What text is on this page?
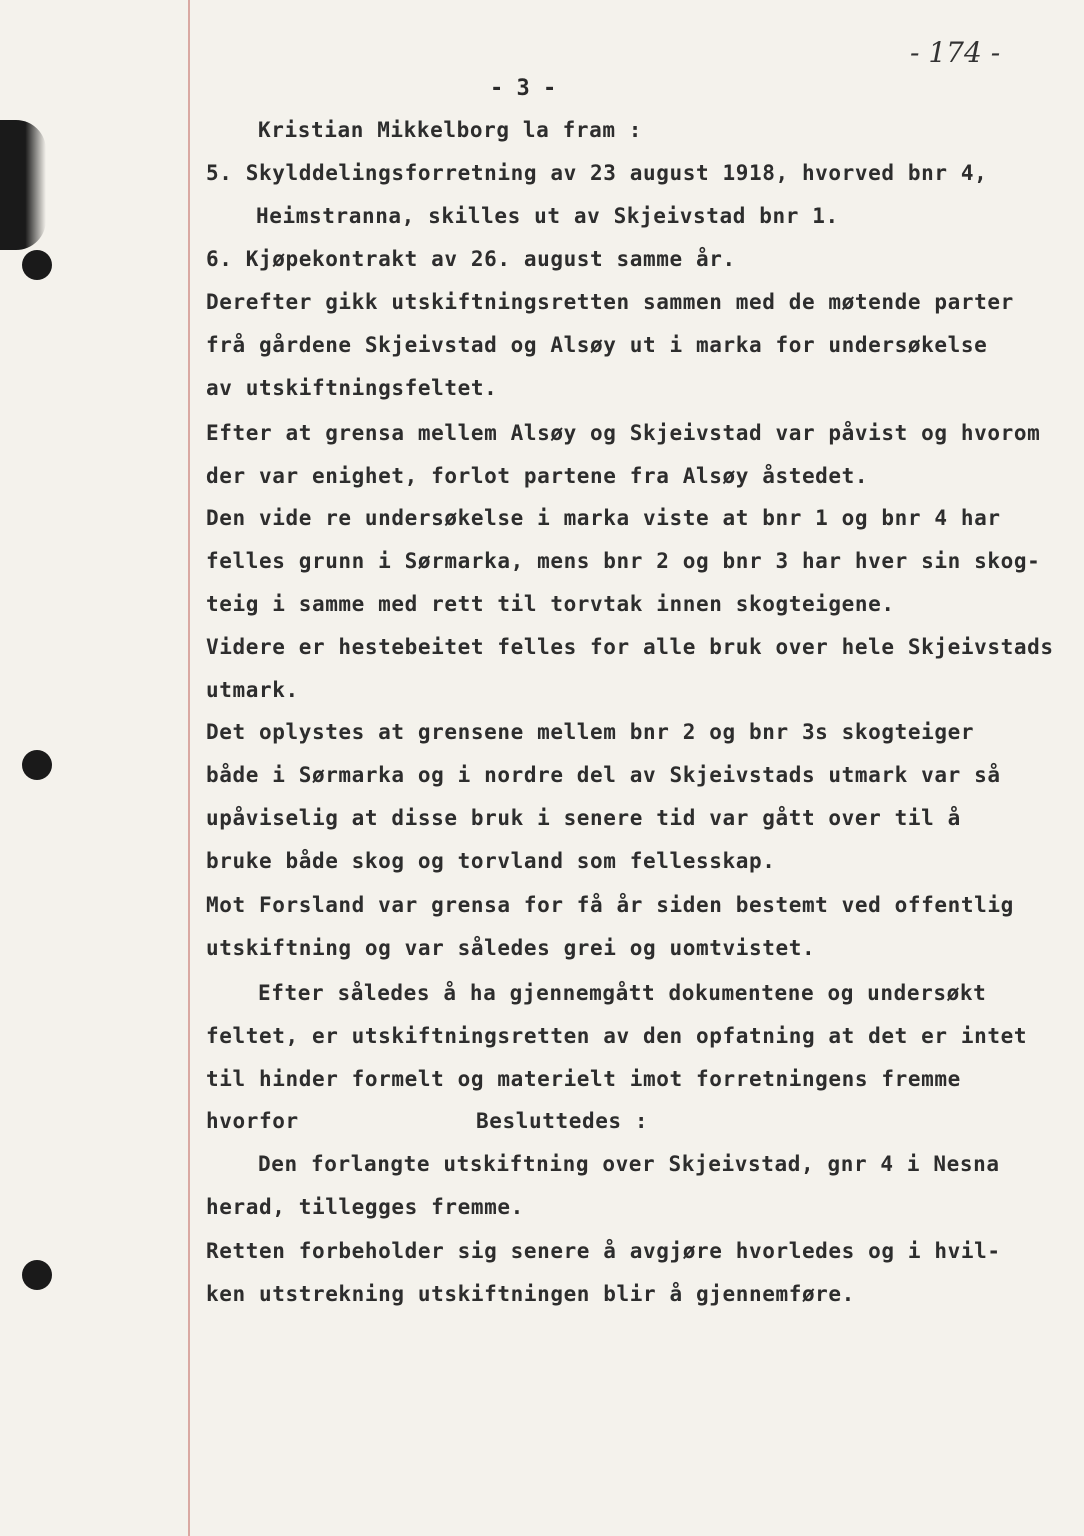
- 3 -
- 174 -
Kristian Mikkelborg la fram :
5. Skylddelingsforretning av 23 august 1918, hvorved bnr 4,
Heimstranna, skilles ut av Skjeivstad bnr 1.
6. Kjøpekontrakt av 26. august samme år.
Derefter gikk utskiftningsretten sammen med de møtende parter
frå gårdene Skjeivstad og Alsøy ut i marka for undersøkelse
av utskiftningsfeltet.
Efter at grensa mellem Alsøy og Skjeivstad var påvist og hvorom
der var enighet, forlot partene fra Alsøy åstedet.
Den vide re undersøkelse i marka viste at bnr 1 og bnr 4 har
felles grunn i Sørmarka, mens bnr 2 og bnr 3 har hver sin skog-
teig i samme med rett til torvtak innen skogteigene.
Videre er hestebeitet felles for alle bruk over hele Skjeivstads
utmark.
Det oplystes at grensene mellem bnr 2 og bnr 3s skogteiger
både i Sørmarka og i nordre del av Skjeivstads utmark var så
upåviselig at disse bruk i senere tid var gått over til å
bruke både skog og torvland som fellesskap.
Mot Forsland var grensa for få år siden bestemt ved offentlig
utskiftning og var således grei og uomtvistet.
Efter således å ha gjennemgått dokumentene og undersøkt
feltet, er utskiftningsretten av den opfatning at det er intet
til hinder formelt og materielt imot forretningens fremme
hvorfor	Besluttedes :
Den forlangte utskiftning over Skjeivstad, gnr 4 i Nesna
herad, tillegges fremme.
Retten forbeholder sig senere å avgjøre hvorledes og i hvil-
ken utstrekning utskiftningen blir å gjennemføre.
